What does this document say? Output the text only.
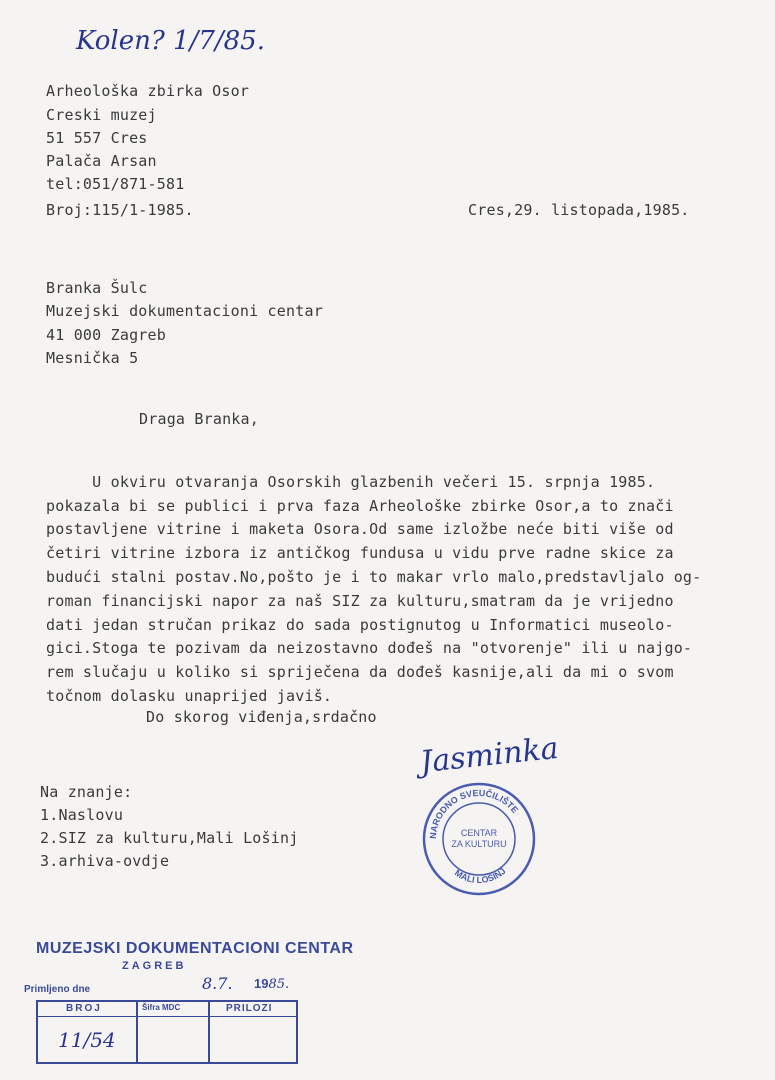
Kolen? 1/7/85.
Arheološka zbirka Osor
Creski muzej
51 557 Cres
Palača Arsan
tel:051/871-581
Broj:115/1-1985.	Cres,29. listopada,1985.
Branka Šulc
Muzejski dokumentacioni centar
41 000 Zagreb
Mesnička 5
Draga Branka,
U okviru otvaranja Osorskih glazbenih večeri 15. srpnja 1985.
pokazala bi se publici i prva faza Arheološke zbirke Osor,a to znači
postavljene vitrine i maketa Osora.Od same izložbe neće biti više od
četiri vitrine izbora iz antičkog fundusa u vidu prve radne skice za
budući stalni postav.No,pošto je i to makar vrlo malo,predstavljalo og-
roman financijski napor za naš SIZ za kulturu,smatram da je vrijedno
dati jedan stručan prikaz do sada postignutog u Informatici museolo-
gici.Stoga te pozivam da neizostavno dođeš na "otvorenje" ili u najgo-
rem slučaju u koliko si spriječena da dođeš kasnije,ali da mi o svom
točnom dolasku unaprijed javiš.
Do skorog viđenja,srdačno
Jasminka
NARODNO SVEUČILIŠTE
CENTAR
ZA KULTURU
MALI LOŠINJ
Na znanje:
1.Naslovu
2.SIZ za kulturu,Mali Lošinj
3.arhiva-ovdje
MUZEJSKI DOKUMENTACIONI CENTAR
ZAGREB
Primljeno dne	8.7. 1985.
BROJ	Šifra MDC	PRILOZI
11/54
